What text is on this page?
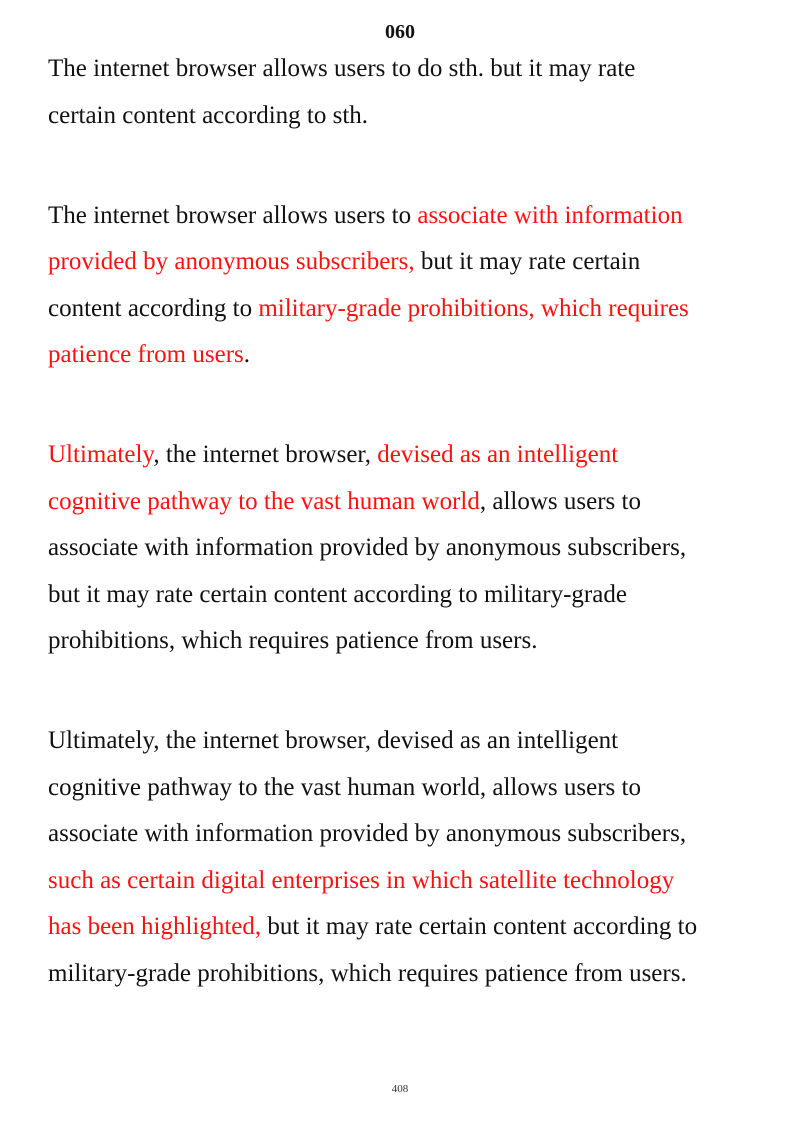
060

The internet browser allows users to do sth. but it may rate
certain content according to sth.

The internet browser allows users to associate with information
provided by anonymous subscribers, but it may rate certain
content according to military-grade prohibitions, which requires
patience from users.

Ultimately, the internet browser, devised as an intelligent
cognitive pathway to the vast human world, allows users to
associate with information provided by anonymous subscribers,
but it may rate certain content according to military-grade
prohibitions, which requires patience from users.

Ultimately, the internet browser, devised as an intelligent
cognitive pathway to the vast human world, allows users to
associate with information provided by anonymous subscribers,
such as certain digital enterprises in which satellite technology
has been highlighted, but it may rate certain content according to
military-grade prohibitions, which requires patience from users.

408
